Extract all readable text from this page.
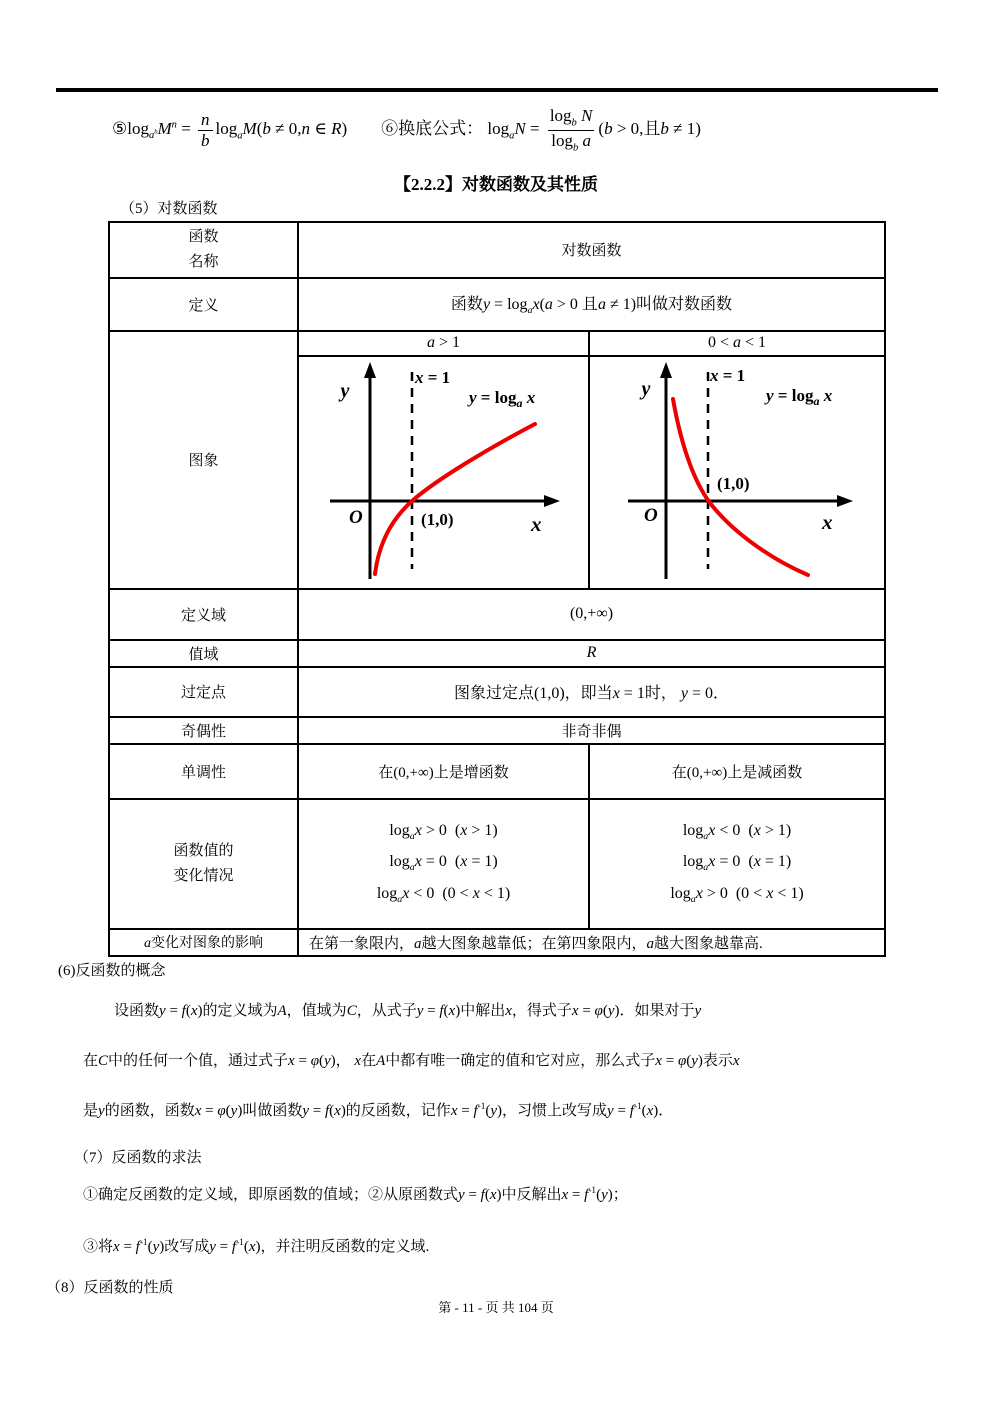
$⑤\log_{a^b}M^n = \frac{n}{b} \log_aM(b \ne 0,n$ ∈ R) ⑥换底公式： $\log_aN = \frac{\log_b N}{\log_b a} (b > 0$,且b ≠ 1)
【2.2.2】对数函数及其性质
（5）对数函数
函数
名称	对数函数	
定义	函数$y = \log_ax(a > 0$ 且a ≠ 1)叫做对数函数	
图象	a > 1	0 < a < 1

y
x = 1
$y = \log_a x$
O	(1,0)	x

y
x = 1
$y = \log_a x$
(1,0)
O	x

定义域	(0,+∞)	
值域	R	
过定点	图象过定点(1,0)，即当x = 1时， y = 0．	
奇偶性	非奇非偶	
单调性	在(0,+∞)上是增函数	在(0,+∞)上是减函数
函数值的
变化情况	
$\log_ax > 0$  (x > 1)
$\log_ax = 0$  (x = 1)
$\log_ax < 0$  (0 < x < 1)

$\log_ax < 0$  (x > 1)
$\log_ax = 0$  (x = 1)
$\log_ax > 0$  (0 < x < 1)

a变化对图象的影响	在第一象限内，a越大图象越靠低；在第四象限内，a越大图象越靠高.	
(6)反函数的概念
设函数y = f(x)的定义域为A，值域为C，从式子y = f(x)中解出x，得式子x = φ(y)．如果对于y
在C中的任何一个值，通过式子x = φ(y)， x在A中都有唯一确定的值和它对应，那么式子x = φ(y)表示x
是y的函数，函数x = φ(y)叫做函数y = f(x)的反函数，记作$x = f^{-1}(y)$，习惯上改写成$y = f^{-1}(x)$．
（7）反函数的求法
①确定反函数的定义域，即原函数的值域；②从原函数式y = f(x)中反解出$x = f^{-1}(y)$；
③将$x = f^{-1}(y)$改写成$y = f^{-1}(x)$，并注明反函数的定义域.
（8）反函数的性质
第 - 11 - 页 共 104 页
